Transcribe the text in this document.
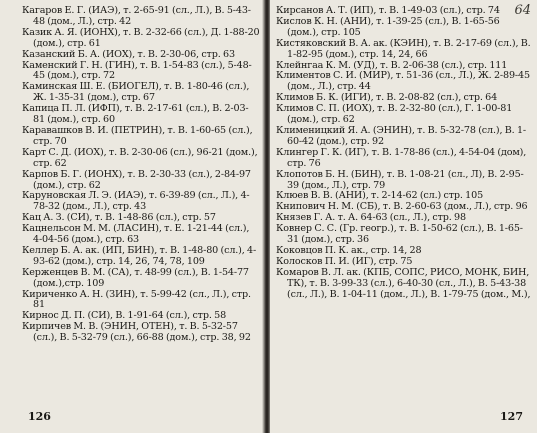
Кагаров Е. Г. (ИАЭ), т. 2-65-91 (сл., Л.), В. 5-43-48 (дом., Л.), стр. 42
Казик А. Я. (ИОНХ), т. В. 2-32-66 (сл.), Д. 1-88-20 (дом.), стр. 61
Казанский Б. А. (ИОХ), т. В. 2-30-06, стр. 63
Каменский Г. Н. (ГИН), т. В. 1-54-83 (сл.), 5-48-45 (дом.), стр. 72
Каминская Ш. Е. (БИОГЕЛ), т. В. 1-80-46 (сл.), Ж. 1-35-31 (дом.), стр. 67
Капица П. Л. (ИФП), т. В. 2-17-61 (сл.), В. 2-03-81 (дом.), стр. 60
Каравашков В. И. (ПЕТРИН), т. В. 1-60-65 (сл.), стр. 70
Карт С. Д. (ИОХ), т. В. 2-30-06 (сл.), 96-21 (дом.), стр. 62
Карпов Б. Г. (ИОНХ), т. В. 2-30-33 (сл.), 2-84-97 (дом.), стр. 62
Каруновская Л. Э. (ИАЭ), т. 6-39-89 (сл., Л.), 4-78-32 (дом., Л.), стр. 43
Кац А. З. (СИ), т. В. 1-48-86 (сл.), стр. 57
Кацнельсон М. М. (ЛАСИН), т. Е. 1-21-44 (сл.), 4-04-56 (дом.), стр. 63
Келлер Б. А. ак. (ИП, БИН), т. В. 1-48-80 (сл.), 4-93-62 (дом.), стр. 14, 26, 74, 78, 109
Керженцев В. М. (СА), т. 48-99 (сл.), В. 1-54-77 (дом.),стр. 109
Кириченко А. Н. (ЗИН), т. 5-99-42 (сл., Л.), стр. 81
Кирнос Д. П. (СИ), В. 1-91-64 (сл.), стр. 58
Кирпичев М. В. (ЭНИН, ОТЕН), т. В. 5-32-57 (сл.), В. 5-32-79 (сл.), 66-88 (дом.), стр. 38, 92
126
64
Кирсанов А. Т. (ИП), т. В. 1-49-03 (сл.), стр. 74
Кислов К. Н. (АНИ), т. 1-39-25 (сл.), В. 1-65-56 (дом.), стр. 105
Кистяковский В. А. ак. (КЭИН), т. В. 2-17-69 (сл.), В. 1-82-95 (дом.), стр. 14, 24, 66
Клейнгаа К. М. (УД), т. В. 2-06-38 (сл.), стр. 111
Климентов С. И. (МИР), т. 51-36 (сл., Л.), Ж. 2-89-45 (дом., Л.), стр. 44
Климов Б. К. (ИГИ), т. В. 2-08-82 (сл.), стр. 64
Климов С. П. (ИОХ), т. В. 2-32-80 (сл.), Г. 1-00-81 (дом.), стр. 62
Клименицкий Я. А. (ЭНИН), т. В. 5-32-78 (сл.), В. 1-60-42 (дом.), стр. 92
Клингер Г. К. (ИГ), т. В. 1-78-86 (сл.), 4-54-04 (дом), стр. 76
Клопотов Б. Н. (БИН), т. В. 1-08-21 (сл., Л), В. 2-95-39 (дом., Л.), стр. 79
Клюев В. В. (АНИ), т. 2-14-62 (сл.) стр. 105
Книпович Н. М. (СБ), т. В. 2-60-63 (дом., Л.), стр. 96
Князев Г. А. т. А. 64-63 (сл., Л.), стр. 98
Ковнер С. С. (Гр. геогр.), т. В. 1-50-62 (сл.), В. 1-65-31 (дом.), стр. 36
Коковцов П. К. ак., стр. 14, 28
Колосков П. И. (ИГ), стр. 75
Комаров В. Л. ак. (КПБ, СОПС, РИСО, МОНК, БИН, ТК), т. В. 3-99-33 (сл.), 6-40-30 (сл., Л.), В. 5-43-38 (сл., Л.), В. 1-04-11 (дом., Л.), В. 1-79-75 (дом., М.),
127
